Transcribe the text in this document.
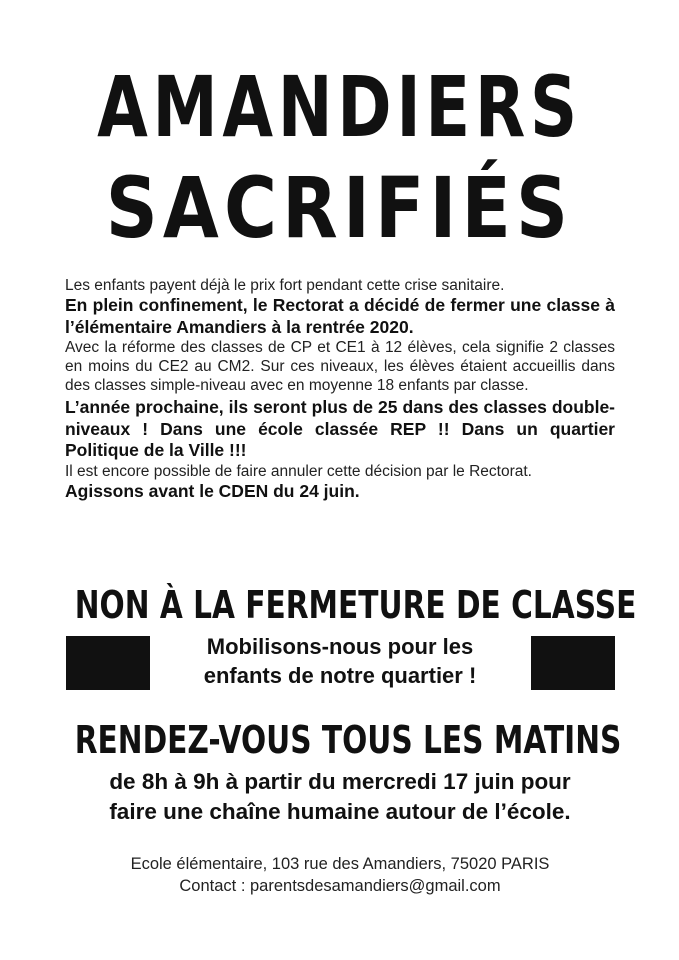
AMANDIERS
SACRIFIÉS

Les enfants payent déjà le prix fort pendant cette crise sanitaire.

En plein confinement, le Rectorat a décidé de fermer une classe à l’élémentaire Amandiers à la rentrée 2020.

Avec la réforme des classes de CP et CE1 à 12 élèves, cela signifie 2 classes en moins du CE2 au CM2. Sur ces niveaux, les élèves étaient accueillis dans des classes simple-niveau avec en moyenne 18 enfants par classe.

L’année prochaine, ils seront plus de 25 dans des classes double-niveaux ! Dans une école classée REP !! Dans un quartier Politique de la Ville !!!

Il est encore possible de faire annuler cette décision par le Rectorat.

Agissons avant le CDEN du 24 juin.

NON À LA FERMETURE DE CLASSE
Mobilisons-nous pour les
enfants de notre quartier !
RENDEZ-VOUS TOUS LES MATINS
de 8h à 9h à partir du mercredi 17 juin pour
faire une chaîne humaine autour de l’école.
Ecole élémentaire, 103 rue des Amandiers, 75020 PARIS
Contact : parentsdesamandiers@gmail.com
